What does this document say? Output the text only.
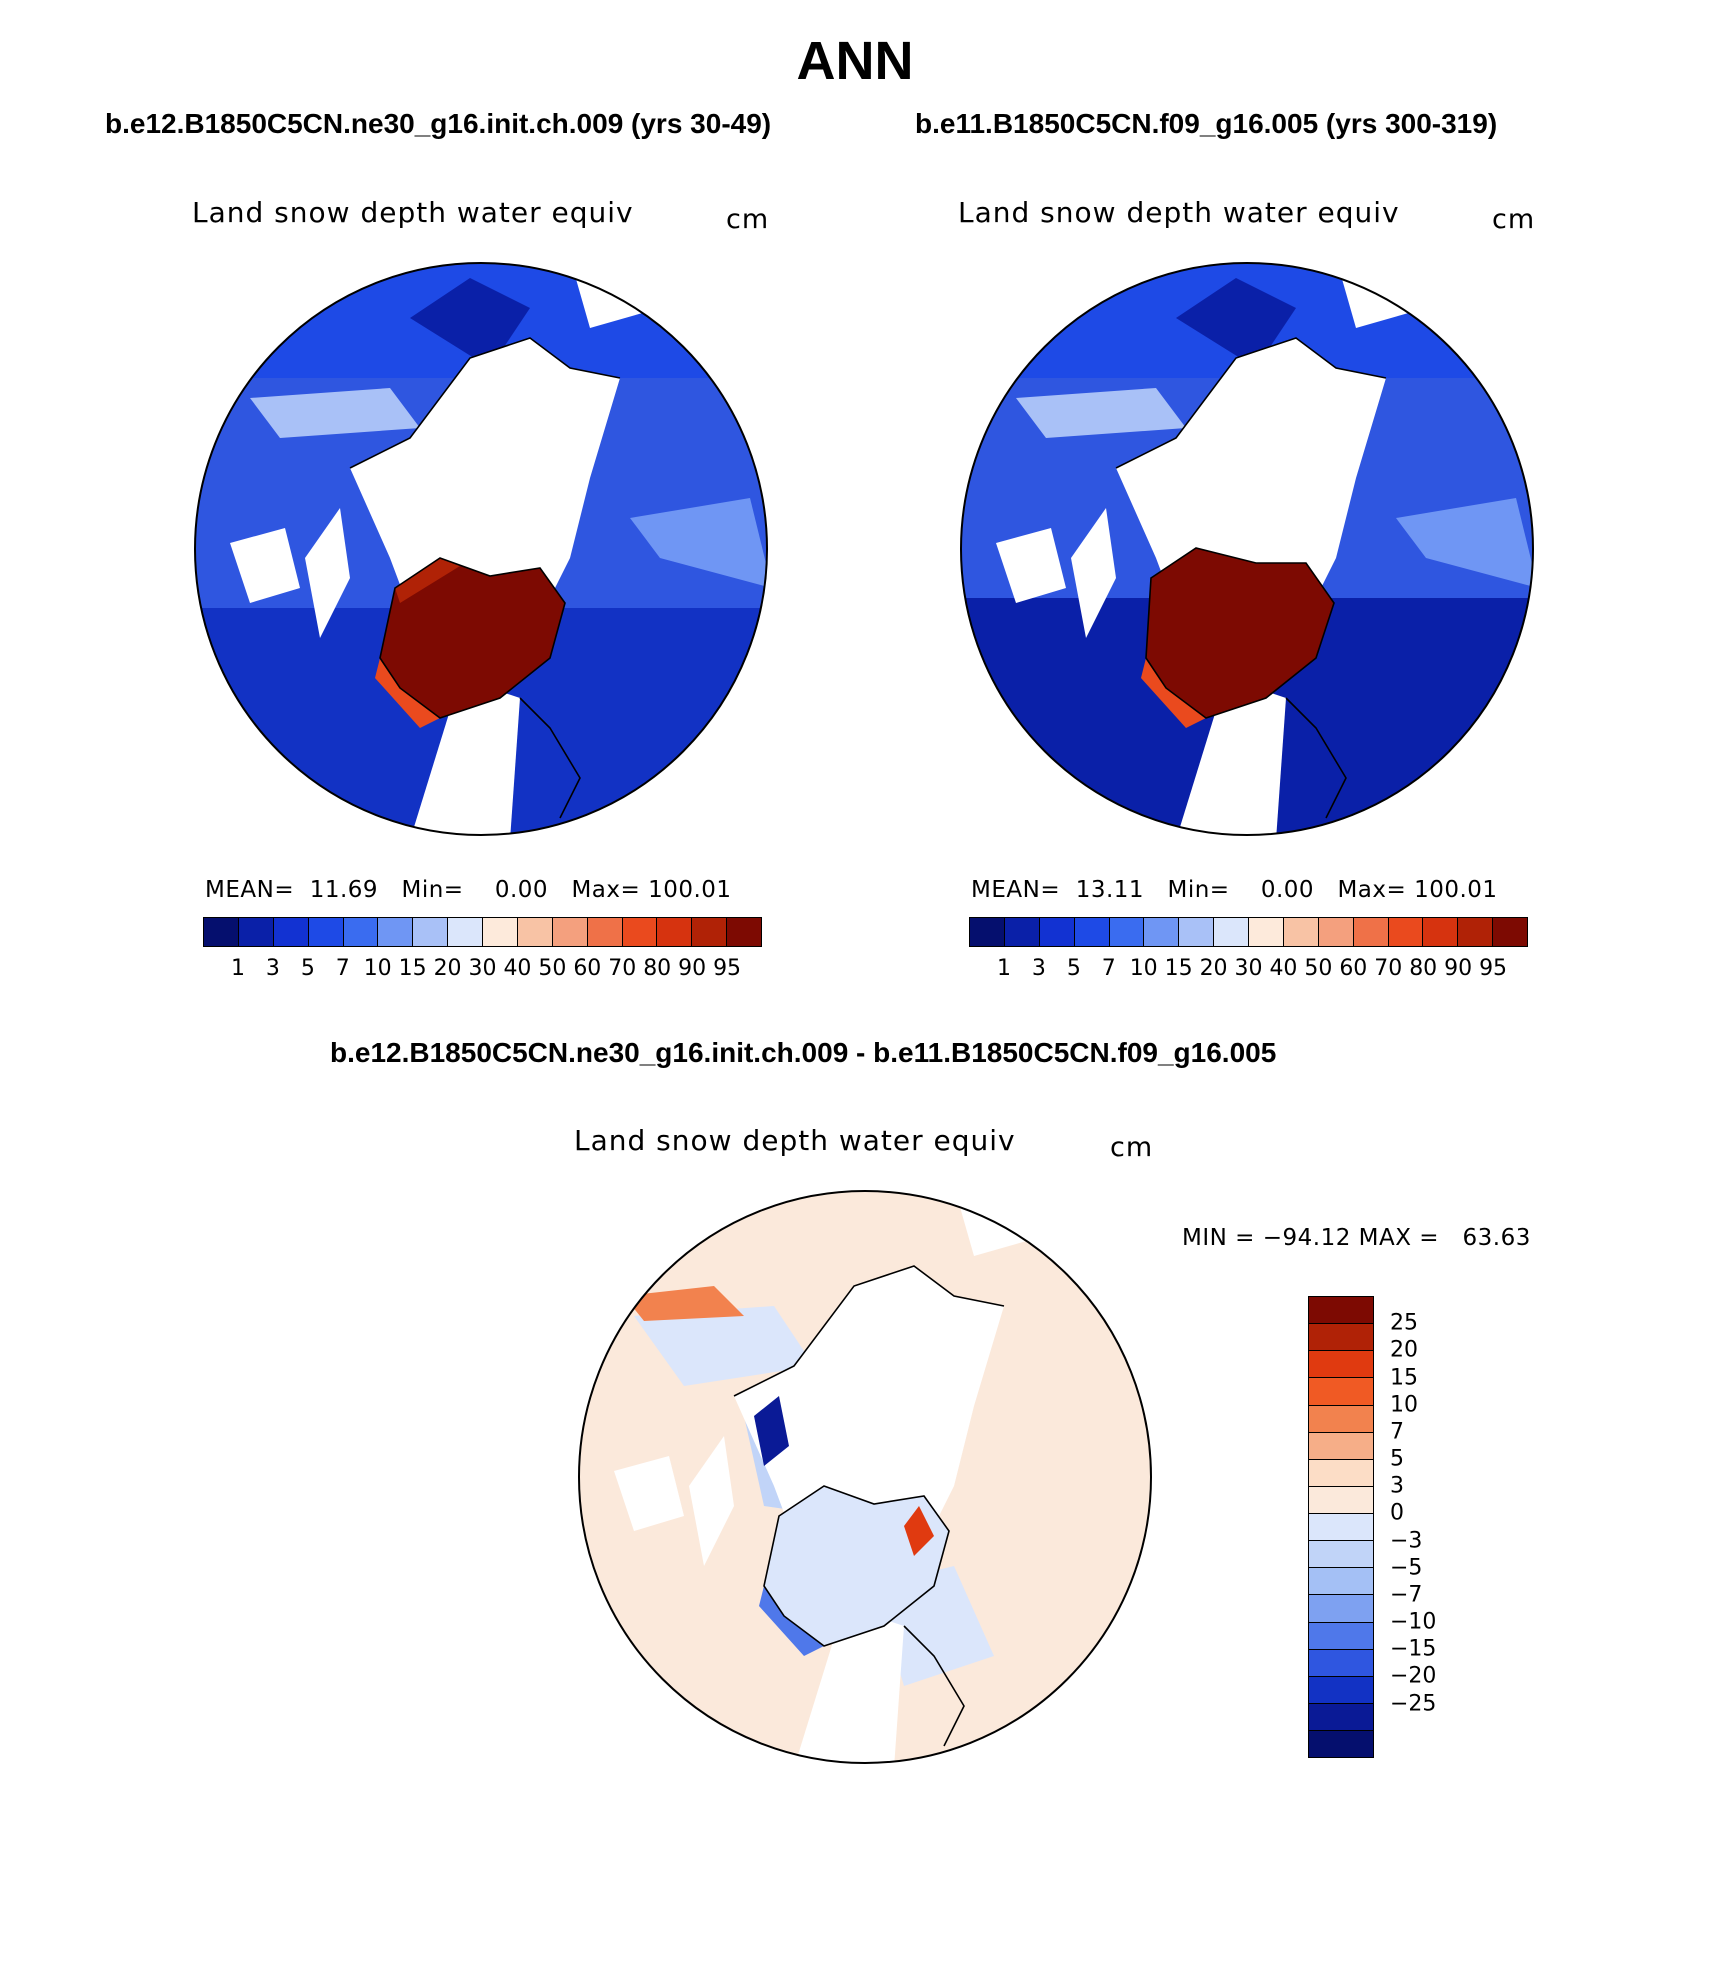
ANN
b.e12.B1850C5CN.ne30_g16.init.ch.009 (yrs 30-49)	b.e11.B1850C5CN.f09_g16.005 (yrs 300-319)
Land snow depth water equiv	cm
MEAN=  11.69   Min=    0.00   Max= 100.01
1 3 5 7 10 15 20 30 40 50 60 70 80 90 95
Land snow depth water equiv	cm
MEAN=  13.11   Min=    0.00   Max= 100.01
1 3 5 7 10 15 20 30 40 50 60 70 80 90 95
b.e12.B1850C5CN.ne30_g16.init.ch.009 - b.e11.B1850C5CN.f09_g16.005
Land snow depth water equiv	cm
MIN = −94.12 MAX =   63.63
25
20
15
10
7
5
3
0
−3
−5
−7
−10
−15
−20
−25
